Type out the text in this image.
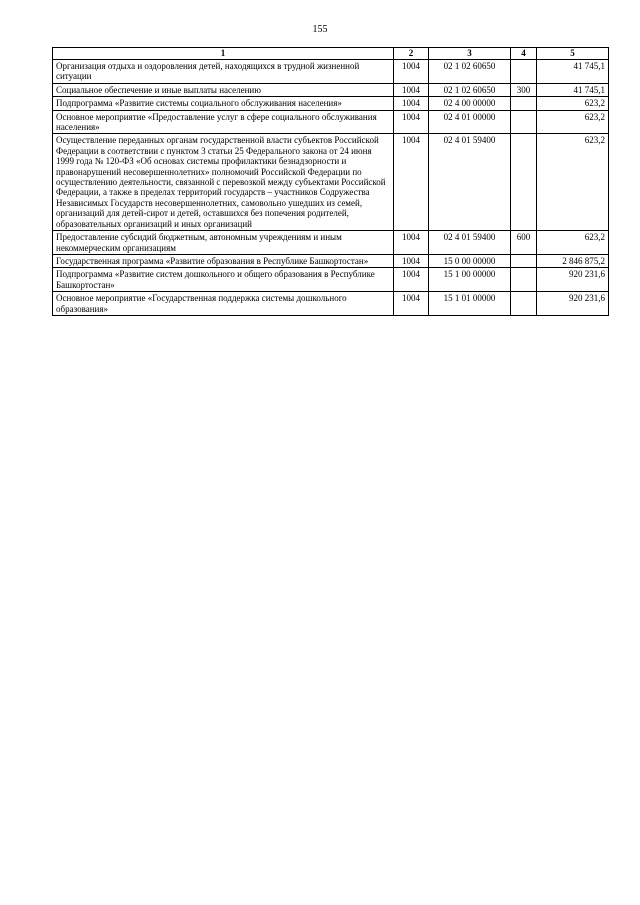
155
1	2	3	4	5
Организация отдыха и оздоровления детей, находящихся в трудной жизненной ситуации	1004	02 1 02 60650		41 745,1
Социальное обеспечение и иные выплаты населению	1004	02 1 02 60650	300	41 745,1
Подпрограмма «Развитие системы социального обслуживания населения»	1004	02 4 00 00000		623,2
Основное мероприятие «Предоставление услуг в сфере социального обслуживания населения»	1004	02 4 01 00000		623,2
Осуществление переданных органам государственной власти субъектов Российской Федерации в соответствии с пунктом 3 статьи 25 Федерального закона от 24 июня 1999 года № 120-ФЗ «Об основах системы профилактики безнадзорности и правонарушений несовершеннолетних» полномочий Российской Федерации по осуществлению деятельности, связанной с перевозкой между субъектами Российской Федерации, а также в пределах территорий государств – участников Содружества Независимых Государств несовершеннолетних, самовольно ушедших из семей, организаций для детей-сирот и детей, оставшихся без попечения родителей, образовательных организаций и иных организаций	1004	02 4 01 59400		623,2
Предоставление субсидий бюджетным, автономным учреждениям и иным некоммерческим организациям	1004	02 4 01 59400	600	623,2
Государственная программа «Развитие образования в Республике Башкортостан»	1004	15 0 00 00000		2 846 875,2
Подпрограмма «Развитие систем дошкольного и общего образования в Республике Башкортостан»	1004	15 1 00 00000		920 231,6
Основное мероприятие «Государственная поддержка системы дошкольного образования»	1004	15 1 01 00000		920 231,6
